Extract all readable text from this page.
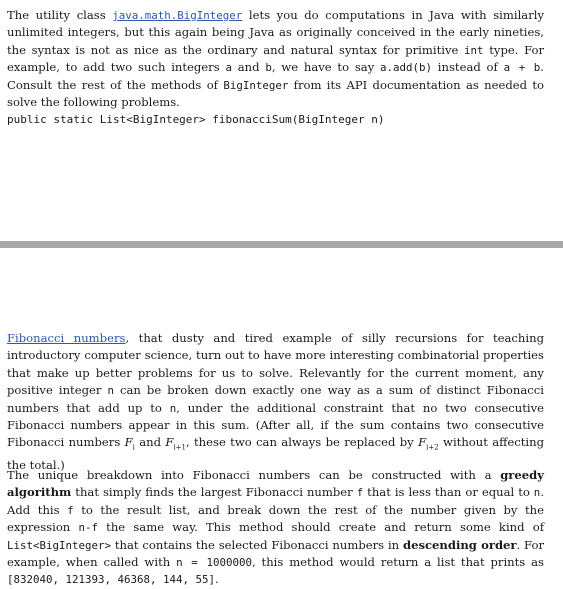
The utility class java.math.BigInteger lets you do computations in Java with similarly unlimited integers, but this again being Java as originally conceived in the early nineties, the syntax is not as nice as the ordinary and natural syntax for primitive int type. For example, to add two such integers a and b, we have to say a.add(b) instead of a + b. Consult the rest of the methods of BigInteger from its API documentation as needed to solve the following problems.

public static List<BigInteger> fibonacciSum(BigInteger n)

Fibonacci numbers, that dusty and tired example of silly recursions for teaching introductory computer science, turn out to have more interesting combinatorial properties that make up better problems for us to solve. Relevantly for the current moment, any positive integer n can be broken down exactly one way as a sum of distinct Fibonacci numbers that add up to n, under the additional constraint that no two consecutive Fibonacci numbers appear in this sum. (After all, if the sum contains two consecutive Fibonacci numbers $F_i$ and $F_{i+1}$, these two can always be replaced by $F_{i+2}$ without affecting the total.)

The unique breakdown into Fibonacci numbers can be constructed with a greedy algorithm that simply finds the largest Fibonacci number f that is less than or equal to n. Add this f to the result list, and break down the rest of the number given by the expression n-f the same way. This method should create and return some kind of List<BigInteger> that contains the selected Fibonacci numbers in descending order. For example, when called with n = 1000000, this method would return a list that prints as [832040, 121393, 46368, 144, 55].
